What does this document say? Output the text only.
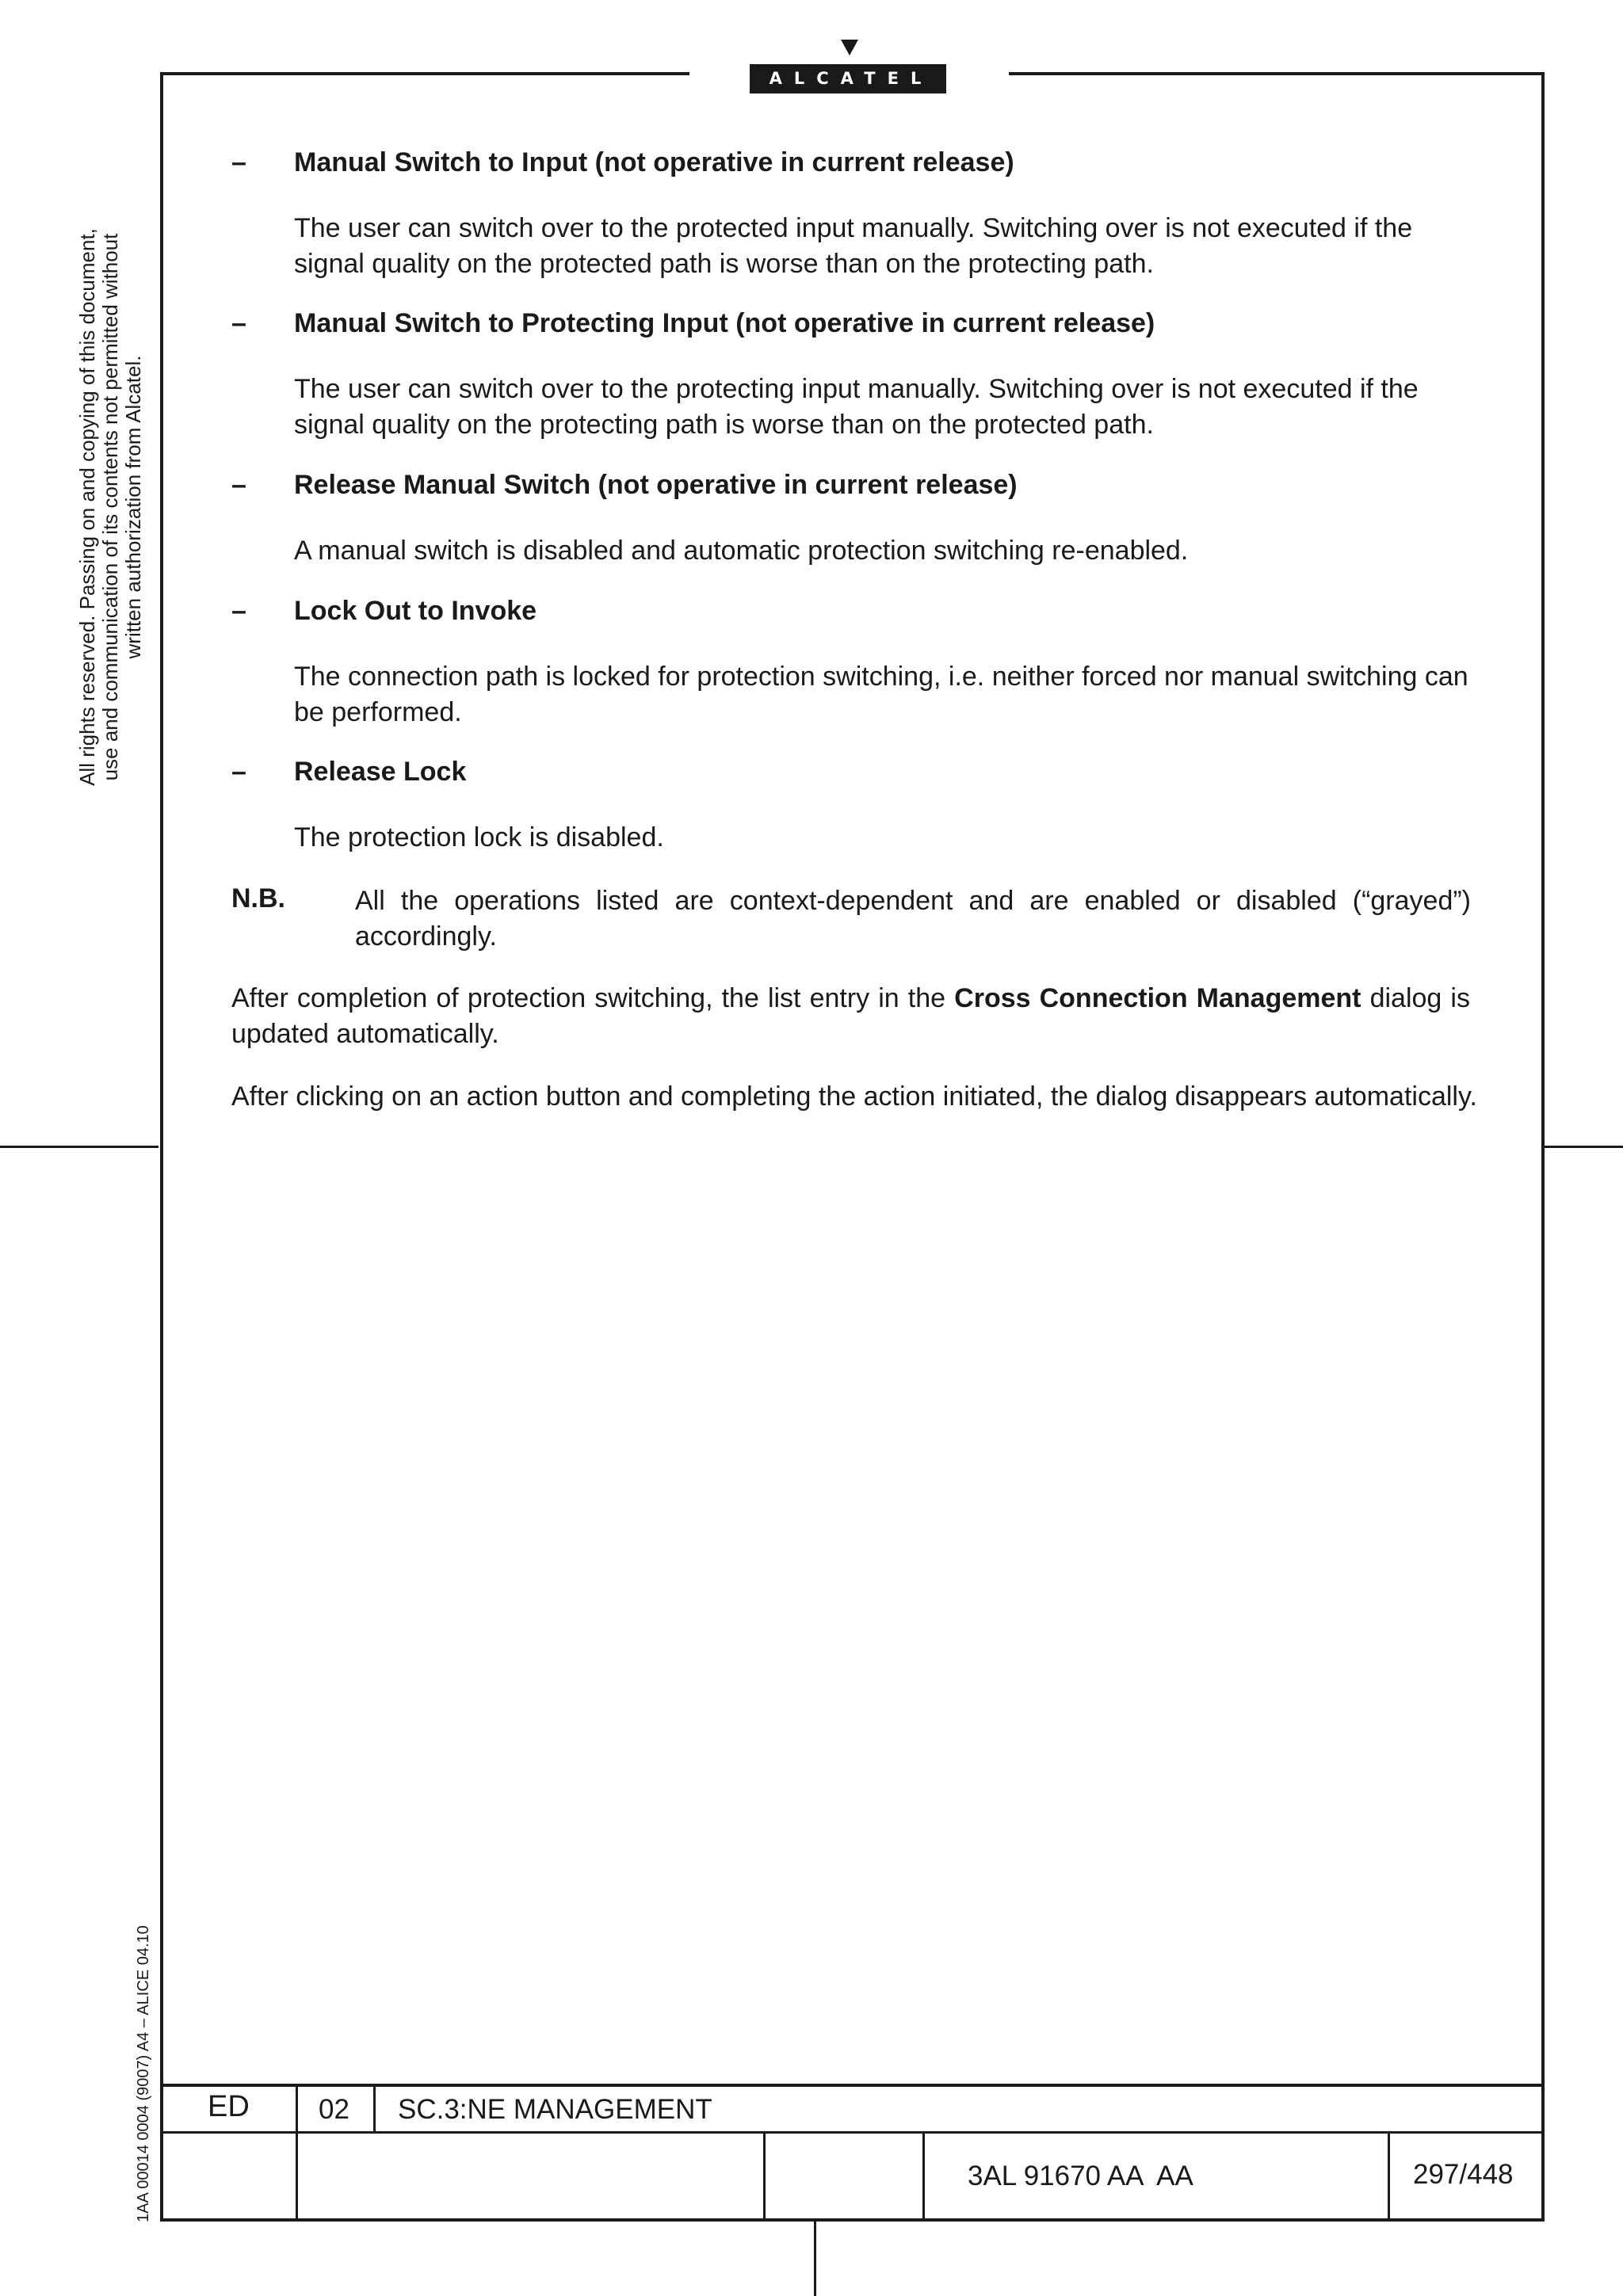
ALCATEL
All rights reserved. Passing on and copying of this document, use and communication of its contents not permitted without written authorization from Alcatel.
1AA 00014 0004 (9007) A4 – ALICE 04.10
– Manual Switch to Input (not operative in current release)
The user can switch over to the protected input manually. Switching over is not executed if the signal quality on the protected path is worse than on the protecting path.
– Manual Switch to Protecting Input (not operative in current release)
The user can switch over to the protecting input manually. Switching over is not executed if the signal quality on the protecting path is worse than on the protected path.
– Release Manual Switch (not operative in current release)
A manual switch is disabled and automatic protection switching re-enabled.
– Lock Out to Invoke
The connection path is locked for protection switching, i.e. neither forced nor manual switching can be performed.
– Release Lock
The protection lock is disabled.
N.B.	All the operations listed are context-dependent and are enabled or disabled (“grayed”) accordingly.
After completion of protection switching, the list entry in the Cross Connection Management dialog is updated automatically.
After clicking on an action button and completing the action initiated, the dialog disappears automatically.
ED 02 SC.3:NE MANAGEMENT
3AL 91670 AA  AA	297/448
